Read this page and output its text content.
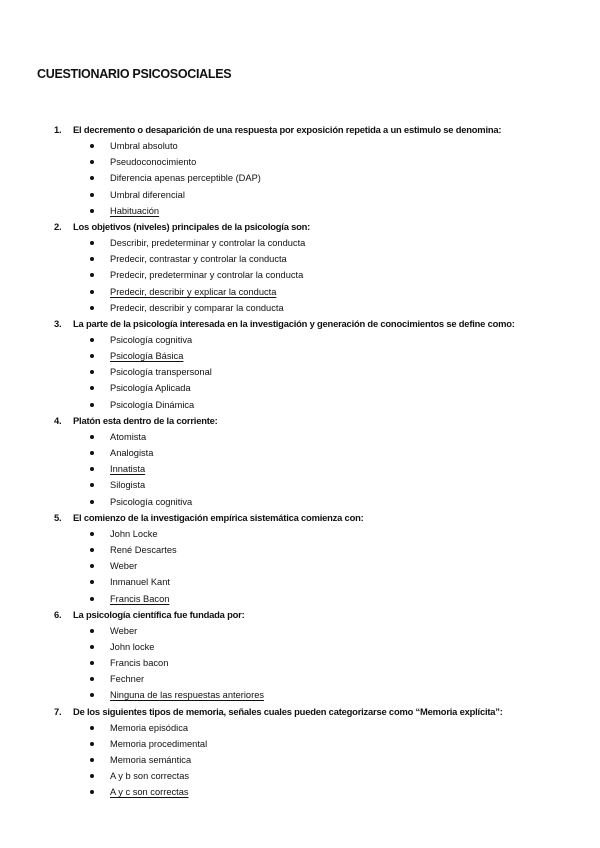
CUESTIONARIO PSICOSOCIALES
1.	El decremento o desaparición de una respuesta por exposición repetida a un estimulo se denomina:
Umbral absoluto
Pseudoconocimiento
Diferencia apenas perceptible (DAP)
Umbral diferencial
Habituación
2.	Los objetivos (niveles) principales de la psicología son:
Describir, predeterminar y controlar la conducta
Predecir, contrastar y controlar la conducta
Predecir, predeterminar y controlar la conducta
Predecir, describir y explicar la conducta
Predecir, describir y comparar la conducta
3.	La parte de la psicología interesada en la investigación y generación de conocimientos se define como:
Psicología cognitiva
Psicología Básica
Psicología transpersonal
Psicología Aplicada
Psicología Dinámica
4.	Platón esta dentro de la corriente:
Atomista
Analogista
Innatista
Silogista
Psicología cognitiva
5.	El comienzo de la investigación empírica sistemática comienza con:
John Locke
René Descartes
Weber
Inmanuel Kant
Francis Bacon
6.	La psicología científica fue fundada por:
Weber
John locke
Francis bacon
Fechner
Ninguna de las respuestas anteriores
7.	De los siguientes tipos de memoria, señales cuales pueden categorizarse como “Memoria explícita”:
Memoria episódica
Memoria procedimental
Memoria semántica
A y b son correctas
A y c son correctas
